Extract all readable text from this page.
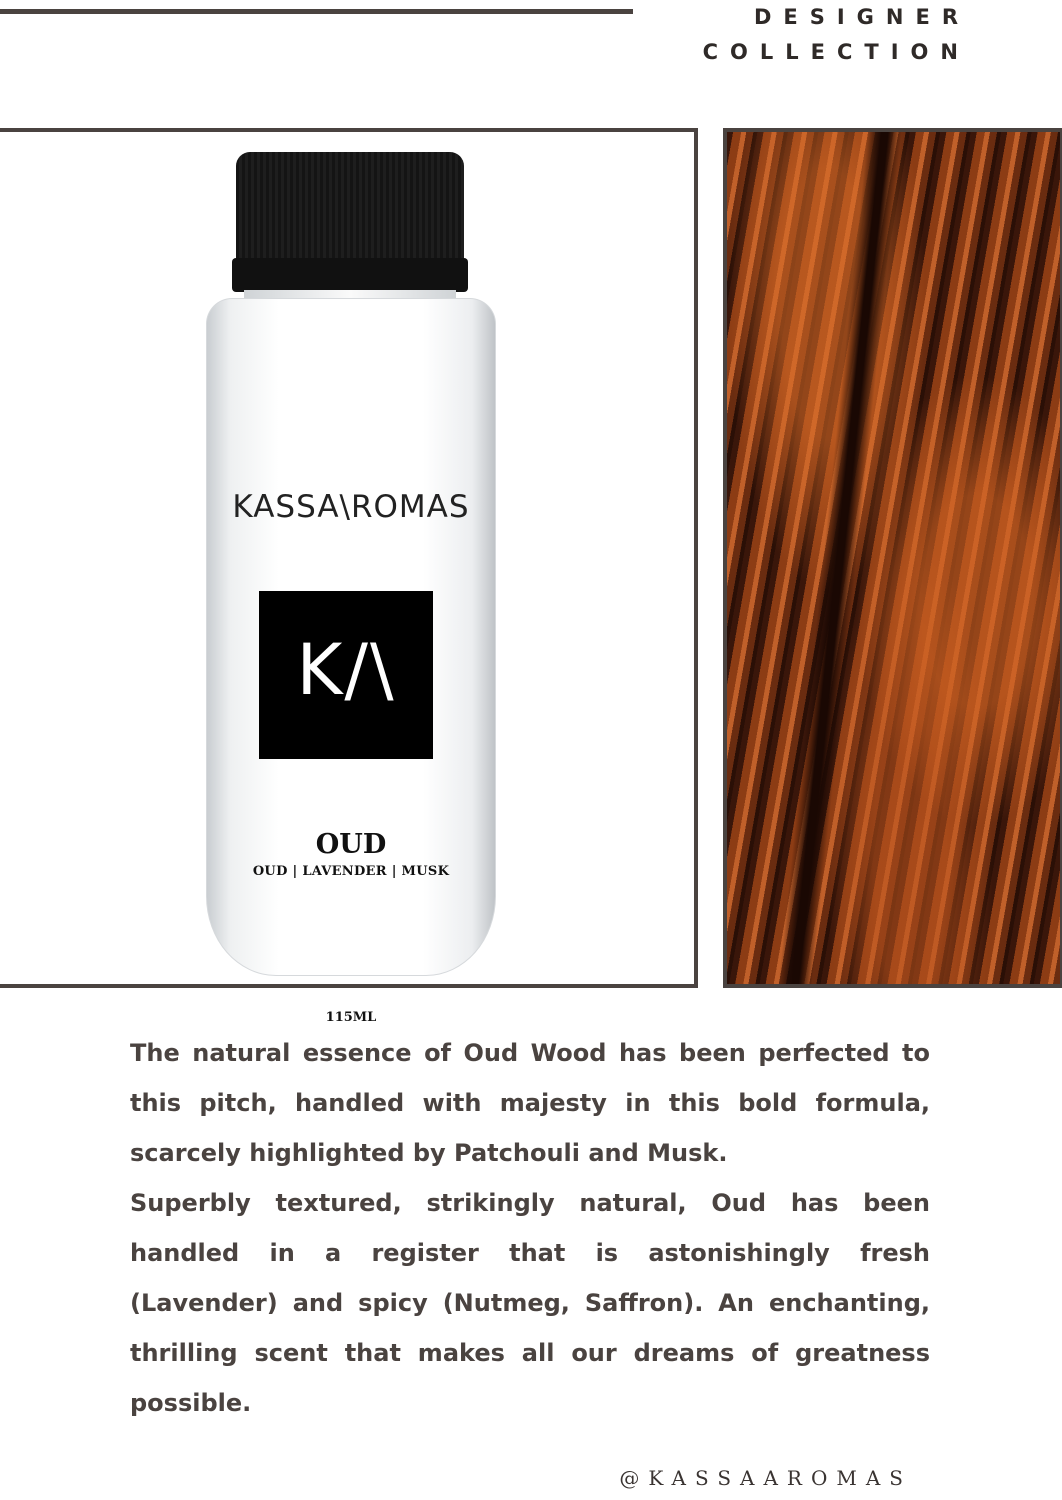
DESIGNER
COLLECTION
KASSA\ROMAS
K/\
OUD
OUD | LAVENDER | MUSK
115ML

The natural essence of Oud Wood has been perfected to this pitch, handled with majesty in this bold formula, scarcely highlighted by Patchouli and Musk.

Superbly textured, strikingly natural, Oud has been handled in a register that is astonishingly fresh (Lavender) and spicy (Nutmeg, Saffron). An enchanting, thrilling scent that makes all our dreams of greatness possible.

@KASSAAROMAS
